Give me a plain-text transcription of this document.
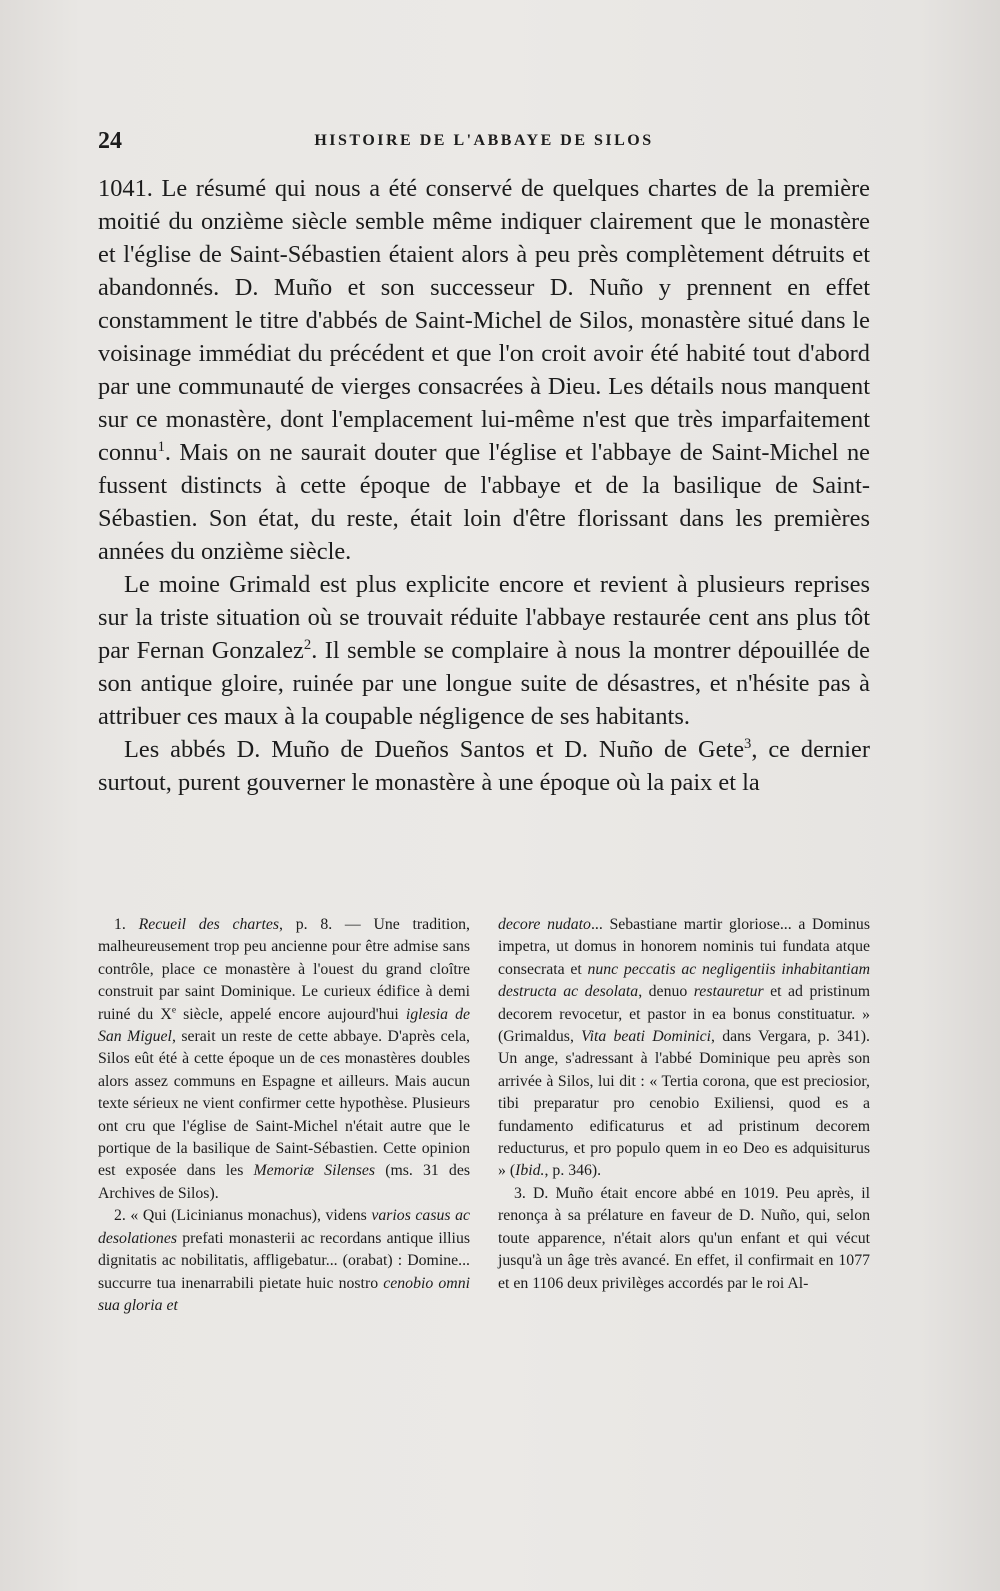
24	HISTOIRE DE L'ABBAYE DE SILOS

1041. Le résumé qui nous a été conservé de quelques chartes de la première moitié du onzième siècle semble même indiquer clairement que le monastère et l'église de Saint-Sébastien étaient alors à peu près complètement détruits et abandonnés. D. Muño et son successeur D. Nuño y prennent en effet constamment le titre d'abbés de Saint-Michel de Silos, monastère situé dans le voisinage immédiat du précédent et que l'on croit avoir été habité tout d'abord par une communauté de vierges consacrées à Dieu. Les détails nous manquent sur ce monastère, dont l'emplacement lui-même n'est que très imparfaitement connu$^1$. Mais on ne saurait douter que l'église et l'abbaye de Saint-Michel ne fussent distincts à cette époque de l'abbaye et de la basilique de Saint-Sébastien. Son état, du reste, était loin d'être florissant dans les premières années du onzième siècle.

Le moine Grimald est plus explicite encore et revient à plusieurs reprises sur la triste situation où se trouvait réduite l'abbaye restaurée cent ans plus tôt par Fernan Gonzalez$^2$. Il semble se complaire à nous la montrer dépouillée de son antique gloire, ruinée par une longue suite de désastres, et n'hésite pas à attribuer ces maux à la coupable négligence de ses habitants.

Les abbés D. Muño de Dueños Santos et D. Nuño de Gete$^3$, ce dernier surtout, purent gouverner le monastère à une époque où la paix et la

1. Recueil des chartes, p. 8. — Une tradition, malheureusement trop peu ancienne pour être admise sans contrôle, place ce monastère à l'ouest du grand cloître construit par saint Dominique. Le curieux édifice à demi ruiné du Xe siècle, appelé encore aujourd'hui iglesia de San Miguel, serait un reste de cette abbaye. D'après cela, Silos eût été à cette époque un de ces monastères doubles alors assez communs en Espagne et ailleurs. Mais aucun texte sérieux ne vient confirmer cette hypothèse. Plusieurs ont cru que l'église de Saint-Michel n'était autre que le portique de la basilique de Saint-Sébastien. Cette opinion est exposée dans les Memoriæ Silenses (ms. 31 des Archives de Silos).

2. « Qui (Licinianus monachus), videns varios casus ac desolationes prefati monasterii ac recordans antique illius dignitatis ac nobilitatis, affligebatur... (orabat) : Domine... succurre tua inenarrabili pietate huic nostro cenobio omni sua gloria et

decore nudato... Sebastiane martir gloriose... a Dominus impetra, ut domus in honorem nominis tui fundata atque consecrata et nunc peccatis ac negligentiis inhabitantiam destructa ac desolata, denuo restauretur et ad pristinum decorem revocetur, et pastor in ea bonus constituatur. » (Grimaldus, Vita beati Dominici, dans Vergara, p. 341). Un ange, s'adressant à l'abbé Dominique peu après son arrivée à Silos, lui dit : « Tertia corona, que est preciosior, tibi preparatur pro cenobio Exiliensi, quod es a fundamento edificaturus et ad pristinum decorem reducturus, et pro populo quem in eo Deo es adquisiturus » (Ibid., p. 346).

3. D. Muño était encore abbé en 1019. Peu après, il renonça à sa prélature en faveur de D. Nuño, qui, selon toute apparence, n'était alors qu'un enfant et qui vécut jusqu'à un âge très avancé. En effet, il confirmait en 1077 et en 1106 deux privilèges accordés par le roi Al-
